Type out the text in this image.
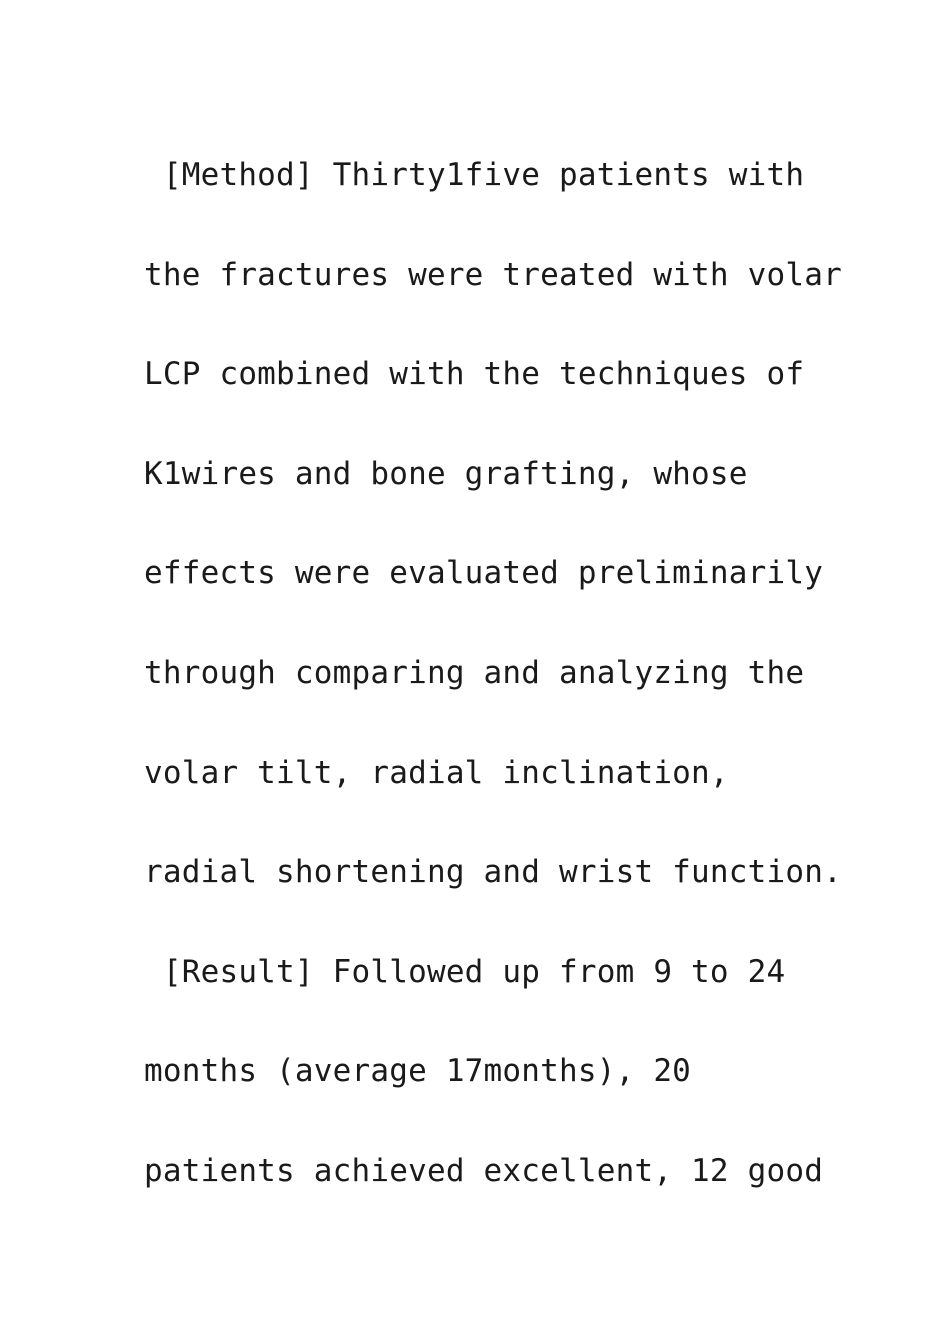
[Method] Thirty1five patients with
the fractures were treated with volar
LCP combined with the techniques of
K1wires and bone grafting, whose
effects were evaluated preliminarily
through comparing and analyzing the
volar tilt, radial inclination,
radial shortening and wrist function.
[Result] Followed up from 9 to 24
months (average 17months), 20
patients achieved excellent, 12 good
